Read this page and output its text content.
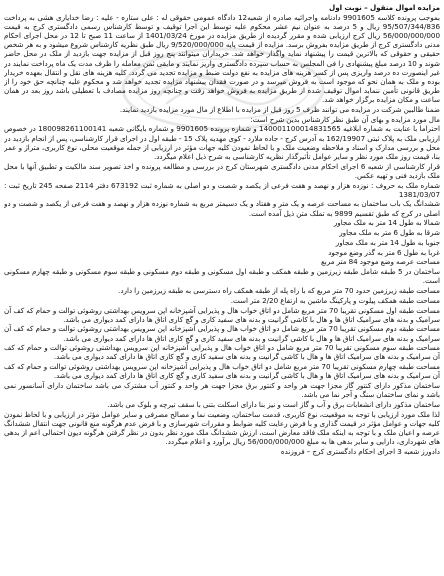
مزایده اموال منقول – نوبت اول

بموجب پرونده کلاسه 9901605 دادنامه واجرائیه صادره از شعبه12 دادگاه عمومی حقوقی له : علی ستاره - علیه : رضا خدایاری هشی به پرداخت 95/507/344/836 ریال و 5 درصد به عنوان نیم عشر محکوم علیه توسط این اجرا توقیف و توسط کارشناس رسمی دادگستری کرج به قیمت 56/000/000/000 ریال کرج ارزیابی شده و مقرر گردیده از طریق مزایده در مورخ 1401/03/24 از ساعت 11 صبح تا 12 در محل اجرای احکام مدنی دادگستری کرج از طریق مزایده بفروش برسد. مزایده از قیمت پایه 9/520/000/000 ریال طبق نظریه کارشناس شروع میشود و به هر شخص حقیقی و حقوقی که بالاترین قیمت را پیشنهاد نماید واگذار خواهد شد. خریداران میتوانند پنج روز قبل از مزایده جهت بازدید از ملک در محل حاضر شوند و 10 درصد مبلغ پیشنهادی را فی المجلس به حساب سپرده دادگستری واریز نمایند و مابقی ثمن معامله را ظرف مدت یک ماه پرداخت نمایند در غیر اینصورت ده درصد واریزی پس از کسر هزینه های مزایده به نفع دولت ضبط و مزایده تجدید می گردد. کلیه هزینه های نقل و انتقال بعهده خریدار بوده و ملک به همان نحو که موجود است به فروش میرسد و در صورت فقدان پیشنهاد مزایده تجدید خواهد شد و محکوم علیه چنانچه حق خود را از طریق قانونی تأمین ننماید اموال توقیف شده از طریق مزایده به فروش خواهد رفت و چنانچه روز مزایده مصادف با تعطیلی باشد روز بعد در همان ساعت و مکان مزایده برگزار خواهد شد.

ضمنا طالبین شرکت در مزایده می توانند ظرف 5 روز قبل از مزایده با اطلاع از مال مورد مزایده بازدید نمایند.

مال مورد مزایده و بهای آن طبق نظر کارشناس بدین شرح است:

احتراما با عنایت به شماره ابلاغیه 140001100014831565 و شماره پرونده 9901605 و شماره بایگانی شعبه 180098261100141 در خصوص ارزیابی ملک به پلاک ثبتی 162/19907 به آدرس کرج - جاده ملارد - کوی مهدیه پلاک 15 - طبقه اول در اجرای قرار کارشناسی، پس از انجام بازدید در محل و بررسی مدارک و اسناد و ملاحظه وضعیت ملک و با لحاظ نمودن کلیه جهات مؤثر در ارزیابی از جمله موقعیت محلی، نوع کاربری، متراژ و عمر بنا، قیمت روز ملک مورد نظر و سایر عوامل تأثیرگذار نظریه کارشناسی به شرح ذیل اعلام میگردد.

قرار کارشناسی از شعبه 6 اجرای احکام مدنی دادگستری شهرستان کرج در بررسی و مطالعه پرونده و اخذ تصویر سند مالکیت و تطبیق آنها با محل ملک بازدید فنی و تهیه عکس.

شماره ملک به حروف : نوزده هزار و نهصد و هفت فرعی از یکصد و شصت و دو اصلی به شماره ثبت 673192 دفتر 2114 صفحه 245 تاریخ ثبت : 1381/03/07

ششدانگ یک باب ساختمان به مساحت عرصه و یک متر و هفتاد و یک دسیمتر مربع به شماره نوزده هزار و نهصد و هفت فرعی از یکصد و شصت و دو اصلی در کرج که طبق تقسیم 9899 به تملک متن ذیل آمده است.

شمالا به طول 14 متر به ملک مجاور

شرقا به طول 6 متر به ملک مجاور

جنوبا به طول 14 متر به ملک مجاور

غربا به طول 6 متر به گذر وضع موجود

مساحت عرصه وضع موجود 84 متر مربع

ساختمان در 5 طبقه شامل طبقه زیرزمین و طبقه همکف و طبقه اول مسکونی و طبقه دوم مسکونی و طبقه سوم مسکونی و طبقه چهارم مسکونی است.

مساحت طبقه زیرزمین حدود 70 متر مربع که با راه پله از طبقه همکف راه دسترسی به طبقه زیرزمین را دارد.

مساحت طبقه همکف پیلوت و پارکینگ ماشین به ارتفاع 2/20 متر است.

مساحت طبقه اول مسکونی تقریبا 70 متر مربع شامل دو اتاق خواب هال و پذیرایی آشپزخانه اپن سرویس بهداشتی روشوئی توالت و حمام که کف آن سرامیک و بدنه های سرامیک اتاق ها و هال با کاشی گرانیت و بدنه های سفید کاری و گچ کاری اتاق ها دارای کمد دیواری می باشد.

مساحت طبقه دوم مسکونی تقریبا 70 متر مربع شامل دو اتاق خواب هال و پذیرایی آشپزخانه اپن سرویس بهداشتی روشوئی توالت و حمام که کف آن سرامیک و بدنه های سرامیک اتاق ها و هال با کاشی گرانیت و بدنه های سفید کاری و گچ کاری اتاق ها دارای کمد دیواری می باشد.

مساحت طبقه سوم مسکونی تقریبا 70 متر مربع شامل دو اتاق خواب هال و پذیرایی آشپزخانه اپن سرویس بهداشتی روشوئی توالت و حمام که کف آن سرامیک و بدنه های سرامیک اتاق ها و هال با کاشی گرانیت و بدنه های سفید کاری و گچ کاری اتاق ها دارای کمد دیواری می باشد.

مساحت طبقه چهارم مسکونی تقریبا 70 متر مربع شامل دو اتاق خواب هال و پذیرایی آشپزخانه اپن سرویس بهداشتی روشوئی توالت و حمام که کف آن سرامیک و بدنه های سرامیک اتاق ها و هال با کاشی گرانیت و بدنه های سفید کاری و گچ کاری اتاق ها دارای کمد دیواری می باشد.

ساختمان مذکور دارای کنتور گاز مجزا جهت هر واحد و کنتور برق مجزا جهت هر واحد و کنتور آب مشترک می باشد ساختمان دارای آسانسور نمی باشد و نمای ساختمان سنگ و آجر نما می باشد.

ساختمان مذکور دارای انشعابات برق و آب و گاز است و نیز بنا دارای اسکلت بتنی با سقف تیرچه و بلوک می باشد.

لذا ملک مورد ارزیابی با توجه به موقعیت، نوع کاربری، قدمت ساختمان، وضعیت نما و مصالح مصرفی و سایر عوامل مؤثر در ارزیابی و با لحاظ نمودن کلیه جهات و عوامل مؤثر در قیمت گذاری و با فرض رعایت کلیه ضوابط و مقررات شهرسازی و با فرض عدم هرگونه منع قانونی جهت انتقال ششدانگ عرصه و اعیان ملک و با توجه به اینکه ملک فاقد معارض است، ارزش ششدانگ ملک مورد نظر بدون در نظر گرفتن هرگونه دیون احتمالی اعم از بدهی های شهرداری، دارایی و سایر بدهی ها به مبلغ 56/000/000/000 ریال برآورد و اعلام میگردد.

دادورز شعبه 3 اجرای احکام دادگستری کرج – فروزنده
